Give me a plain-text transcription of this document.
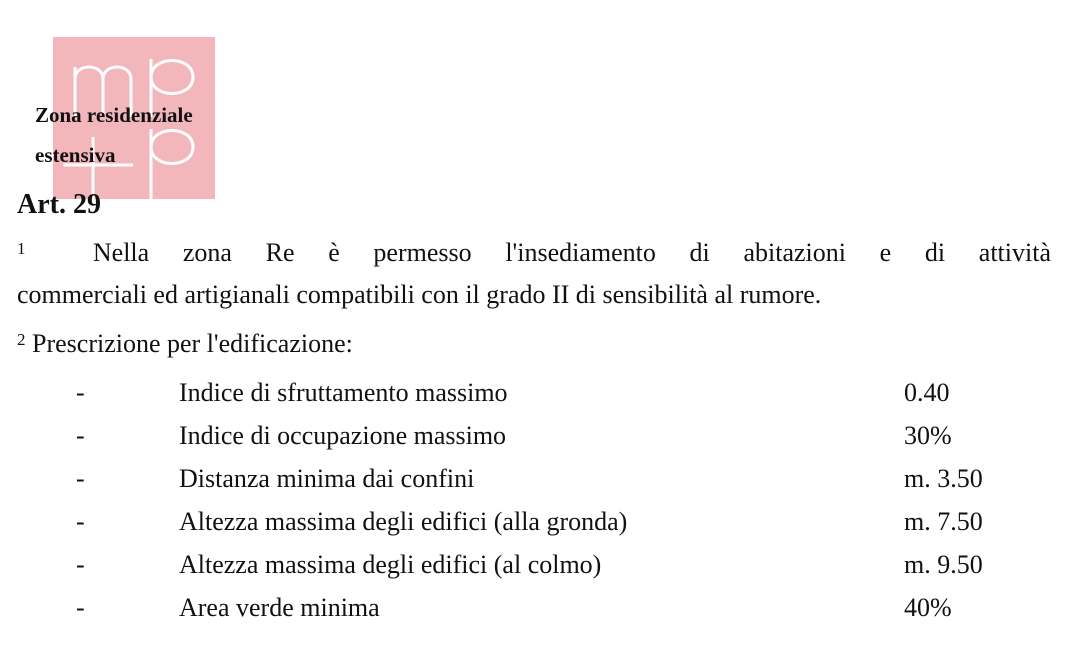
Zona residenziale
estensiva
Art. 29
$^1$	Nella zona Re è permesso l'insediamento di abitazioni e di attività
commerciali ed artigianali compatibili con il grado II di sensibilità al rumore.
$^2$ Prescrizione per l'edificazione:
-	Indice di sfruttamento massimo	0.40
-	Indice di occupazione massimo	30%
-	Distanza minima dai confini	m. 3.50
-	Altezza massima degli edifici (alla gronda)	m. 7.50
-	Altezza massima degli edifici (al colmo)	m. 9.50
-	Area verde minima	40%
